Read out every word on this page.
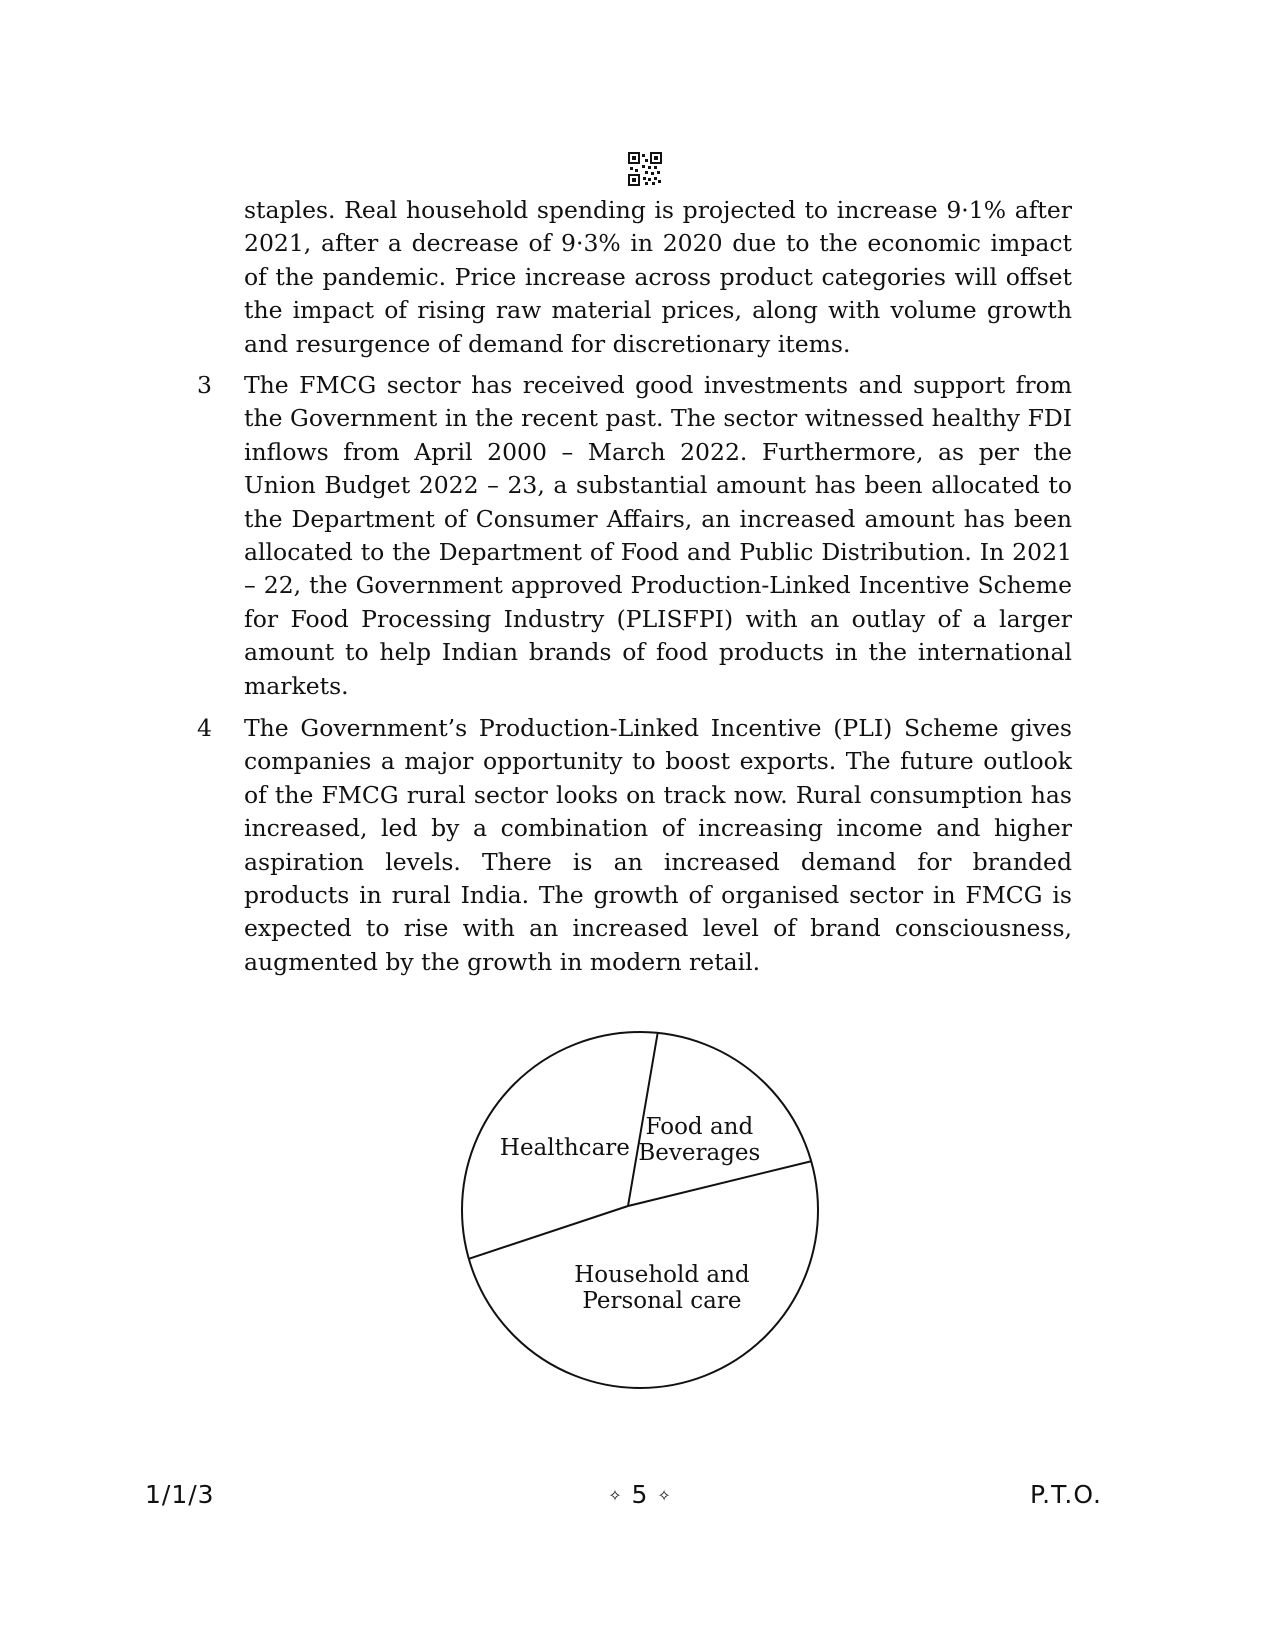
staples. Real household spending is projected to increase 9·1% after 2021, after a decrease of 9·3% in 2020 due to the economic impact of the pandemic. Price increase across product categories will offset the impact of rising raw material prices, along with volume growth and resurgence of demand for discretionary items.

3 The FMCG sector has received good investments and support from the Government in the recent past. The sector witnessed healthy FDI inflows from April 2000 – March 2022. Furthermore, as per the Union Budget 2022 – 23, a substantial amount has been allocated to the Department of Consumer Affairs, an increased amount has been allocated to the Department of Food and Public Distribution. In 2021 – 22, the Government approved Production-Linked Incentive Scheme for Food Processing Industry (PLISFPI) with an outlay of a larger amount to help Indian brands of food products in the international markets.

4 The Government’s Production-Linked Incentive (PLI) Scheme gives companies a major opportunity to boost exports. The future outlook of the FMCG rural sector looks on track now. Rural consumption has increased, led by a combination of increasing income and higher aspiration levels. There is an increased demand for branded products in rural India. The growth of organised sector in FMCG is expected to rise with an increased level of brand consciousness, augmented by the growth in modern retail.

Food and Beverages
Household and Personal care
Healthcare
1/1/3	✧ 5 ✧	P.T.O.
